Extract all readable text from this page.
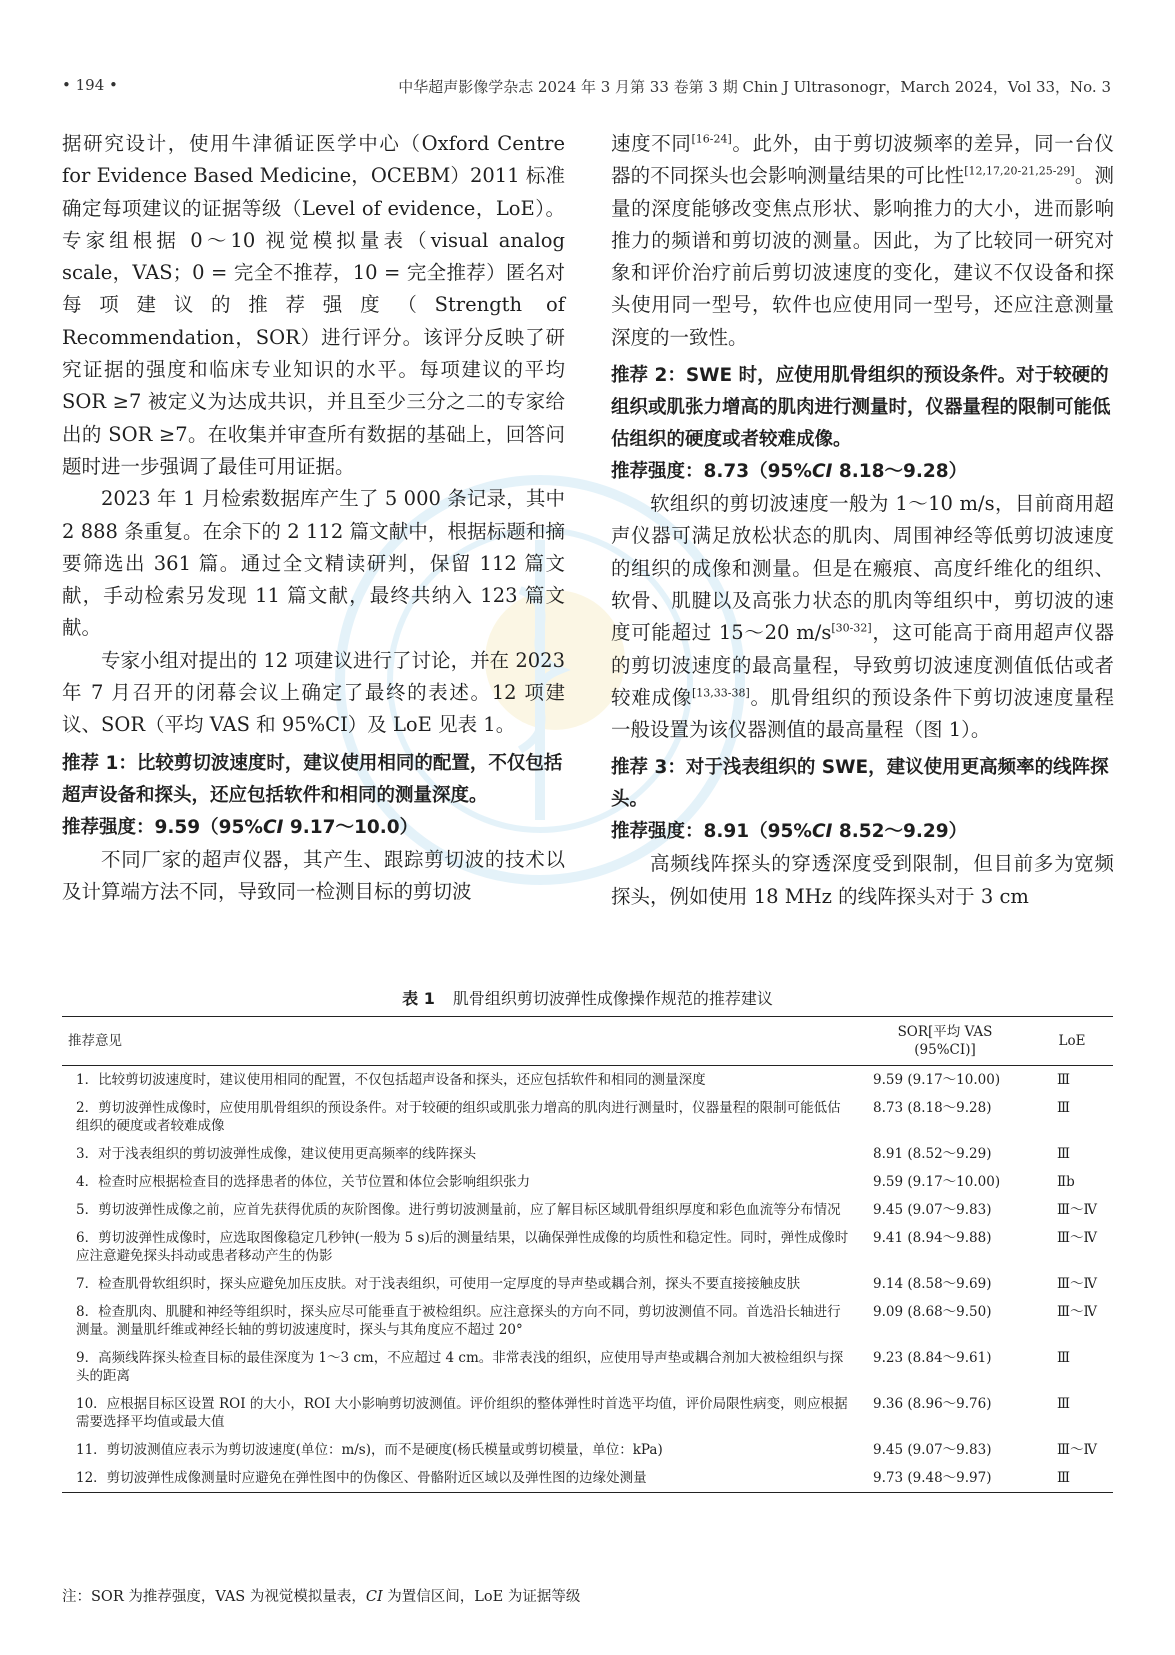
• 194 •	中华超声影像学杂志 2024 年 3 月第 33 卷第 3 期 Chin J Ultrasonogr，March 2024，Vol 33，No. 3

据研究设计，使用牛津循证医学中心（Oxford Centre for Evidence Based Medicine，OCEBM）2011 标准确定每项建议的证据等级（Level of evidence，LoE）。专家组根据 0～10 视觉模拟量表（visual analog scale，VAS；0 = 完全不推荐，10 = 完全推荐）匿名对每项建议的推荐强度（Strength of Recommendation，SOR）进行评分。该评分反映了研究证据的强度和临床专业知识的水平。每项建议的平均 SOR ≥7 被定义为达成共识，并且至少三分之二的专家给出的 SOR ≥7。在收集并审查所有数据的基础上，回答问题时进一步强调了最佳可用证据。

2023 年 1 月检索数据库产生了 5 000 条记录，其中 2 888 条重复。在余下的 2 112 篇文献中，根据标题和摘要筛选出 361 篇。通过全文精读研判，保留 112 篇文献，手动检索另发现 11 篇文献，最终共纳入 123 篇文献。

专家小组对提出的 12 项建议进行了讨论，并在 2023 年 7 月召开的闭幕会议上确定了最终的表述。12 项建议、SOR（平均 VAS 和 95%CI）及 LoE 见表 1。

推荐 1：比较剪切波速度时，建议使用相同的配置，不仅包括超声设备和探头，还应包括软件和相同的测量深度。

推荐强度：9.59（95%CI 9.17～10.0）

不同厂家的超声仪器，其产生、跟踪剪切波的技术以及计算端方法不同，导致同一检测目标的剪切波

速度不同[16-24]。此外，由于剪切波频率的差异，同一台仪器的不同探头也会影响测量结果的可比性[12,17,20-21,25-29]。测量的深度能够改变焦点形状、影响推力的大小，进而影响推力的频谱和剪切波的测量。因此，为了比较同一研究对象和评价治疗前后剪切波速度的变化，建议不仅设备和探头使用同一型号，软件也应使用同一型号，还应注意测量深度的一致性。

推荐 2：SWE 时，应使用肌骨组织的预设条件。对于较硬的组织或肌张力增高的肌肉进行测量时，仪器量程的限制可能低估组织的硬度或者较难成像。

推荐强度：8.73（95%CI 8.18～9.28）

软组织的剪切波速度一般为 1～10 m/s，目前商用超声仪器可满足放松状态的肌肉、周围神经等低剪切波速度的组织的成像和测量。但是在瘢痕、高度纤维化的组织、软骨、肌腱以及高张力状态的肌肉等组织中，剪切波的速度可能超过 15～20 m/s[30-32]，这可能高于商用超声仪器的剪切波速度的最高量程，导致剪切波速度测值低估或者较难成像[13,33-38]。肌骨组织的预设条件下剪切波速度量程一般设置为该仪器测值的最高量程（图 1）。

推荐 3：对于浅表组织的 SWE，建议使用更高频率的线阵探头。

推荐强度：8.91（95%CI 8.52～9.29）

高频线阵探头的穿透深度受到限制，但目前多为宽频探头，例如使用 18 MHz 的线阵探头对于 3 cm

表 1 肌骨组织剪切波弹性成像操作规范的推荐建议
推荐意见	SOR[平均 VAS
(95%CI)]	LoE
1．比较剪切波速度时，建议使用相同的配置，不仅包括超声设备和探头，还应包括软件和相同的测量深度	9.59 (9.17～10.00)	Ⅲ
2．剪切波弹性成像时，应使用肌骨组织的预设条件。对于较硬的组织或肌张力增高的肌肉进行测量时，仪器量程的限制可能低估组织的硬度或者较难成像	8.73 (8.18～9.28)	Ⅲ
3．对于浅表组织的剪切波弹性成像，建议使用更高频率的线阵探头	8.91 (8.52～9.29)	Ⅲ
4．检查时应根据检查目的选择患者的体位，关节位置和体位会影响组织张力	9.59 (9.17～10.00)	Ⅱb
5．剪切波弹性成像之前，应首先获得优质的灰阶图像。进行剪切波测量前，应了解目标区域肌骨组织厚度和彩色血流等分布情况	9.45 (9.07～9.83)	Ⅲ～Ⅳ
6．剪切波弹性成像时，应选取图像稳定几秒钟(一般为 5 s)后的测量结果，以确保弹性成像的均质性和稳定性。同时，弹性成像时应注意避免探头抖动或患者移动产生的伪影	9.41 (8.94～9.88)	Ⅲ～Ⅳ
7．检查肌骨软组织时，探头应避免加压皮肤。对于浅表组织，可使用一定厚度的导声垫或耦合剂，探头不要直接接触皮肤	9.14 (8.58～9.69)	Ⅲ～Ⅳ
8．检查肌肉、肌腱和神经等组织时，探头应尽可能垂直于被检组织。应注意探头的方向不同，剪切波测值不同。首选沿长轴进行测量。测量肌纤维或神经长轴的剪切波速度时，探头与其角度应不超过 20°	9.09 (8.68～9.50)	Ⅲ～Ⅳ
9．高频线阵探头检查目标的最佳深度为 1～3 cm，不应超过 4 cm。非常表浅的组织，应使用导声垫或耦合剂加大被检组织与探头的距离	9.23 (8.84～9.61)	Ⅲ
10．应根据目标区设置 ROI 的大小，ROI 大小影响剪切波测值。评价组织的整体弹性时首选平均值，评价局限性病变，则应根据需要选择平均值或最大值	9.36 (8.96～9.76)	Ⅲ
11．剪切波测值应表示为剪切波速度(单位：m/s)，而不是硬度(杨氏模量或剪切模量，单位：kPa)	9.45 (9.07～9.83)	Ⅲ～Ⅳ
12．剪切波弹性成像测量时应避免在弹性图中的伪像区、骨骼附近区域以及弹性图的边缘处测量	9.73 (9.48～9.97)	Ⅲ
注：SOR 为推荐强度，VAS 为视觉模拟量表，CI 为置信区间，LoE 为证据等级
